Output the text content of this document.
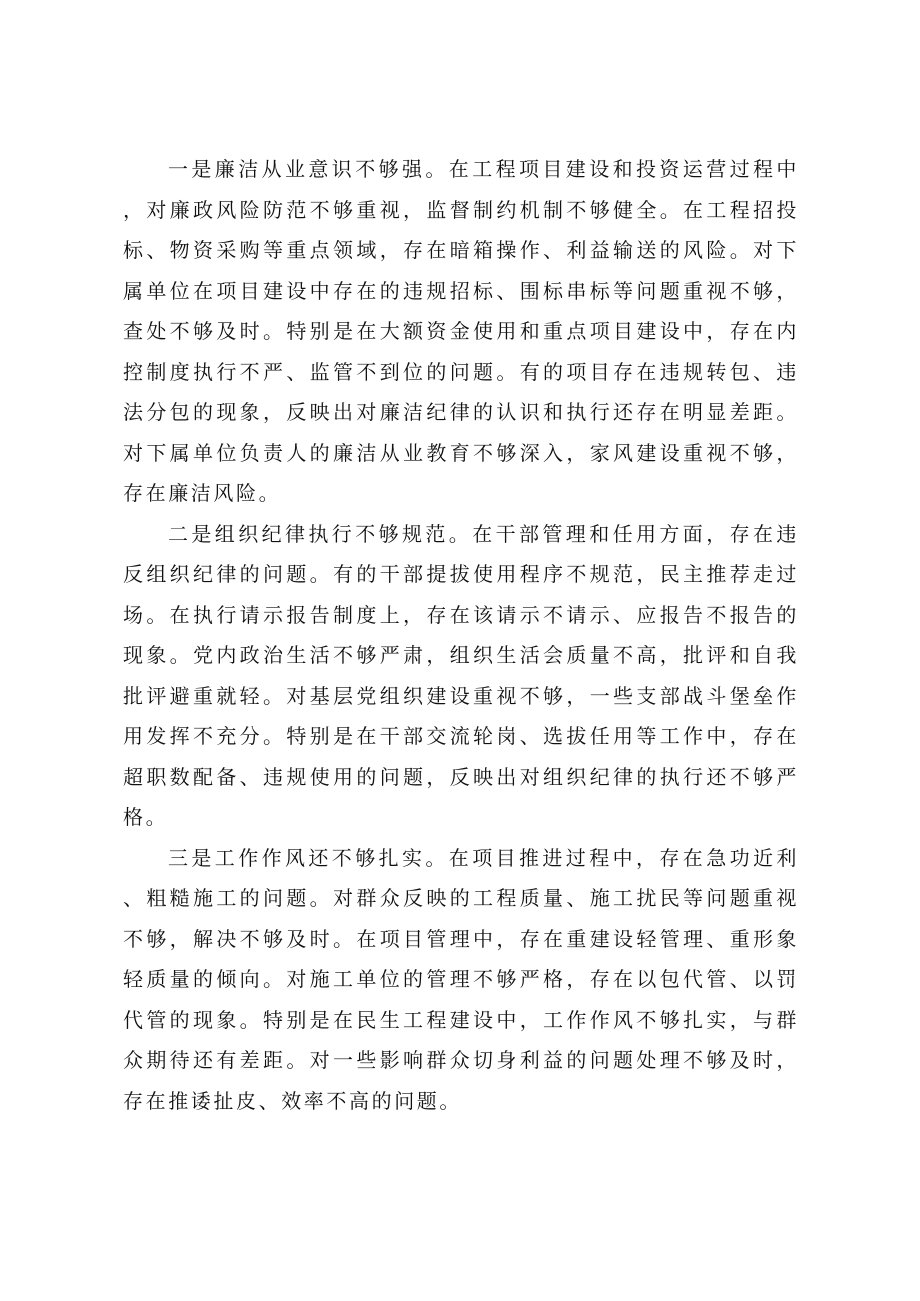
一是廉洁从业意识不够强。在工程项目建设和投资运营过程中，对廉政风险防范不够重视，监督制约机制不够健全。在工程招投标、物资采购等重点领域，存在暗箱操作、利益输送的风险。对下属单位在项目建设中存在的违规招标、围标串标等问题重视不够，查处不够及时。特别是在大额资金使用和重点项目建设中，存在内控制度执行不严、监管不到位的问题。有的项目存在违规转包、违法分包的现象，反映出对廉洁纪律的认识和执行还存在明显差距。对下属单位负责人的廉洁从业教育不够深入，家风建设重视不够，存在廉洁风险。

二是组织纪律执行不够规范。在干部管理和任用方面，存在违反组织纪律的问题。有的干部提拔使用程序不规范，民主推荐走过场。在执行请示报告制度上，存在该请示不请示、应报告不报告的现象。党内政治生活不够严肃，组织生活会质量不高，批评和自我批评避重就轻。对基层党组织建设重视不够，一些支部战斗堡垒作用发挥不充分。特别是在干部交流轮岗、选拔任用等工作中，存在超职数配备、违规使用的问题，反映出对组织纪律的执行还不够严格。

三是工作作风还不够扎实。在项目推进过程中，存在急功近利、粗糙施工的问题。对群众反映的工程质量、施工扰民等问题重视不够，解决不够及时。在项目管理中，存在重建设轻管理、重形象轻质量的倾向。对施工单位的管理不够严格，存在以包代管、以罚代管的现象。特别是在民生工程建设中，工作作风不够扎实，与群众期待还有差距。对一些影响群众切身利益的问题处理不够及时，存在推诿扯皮、效率不高的问题。
